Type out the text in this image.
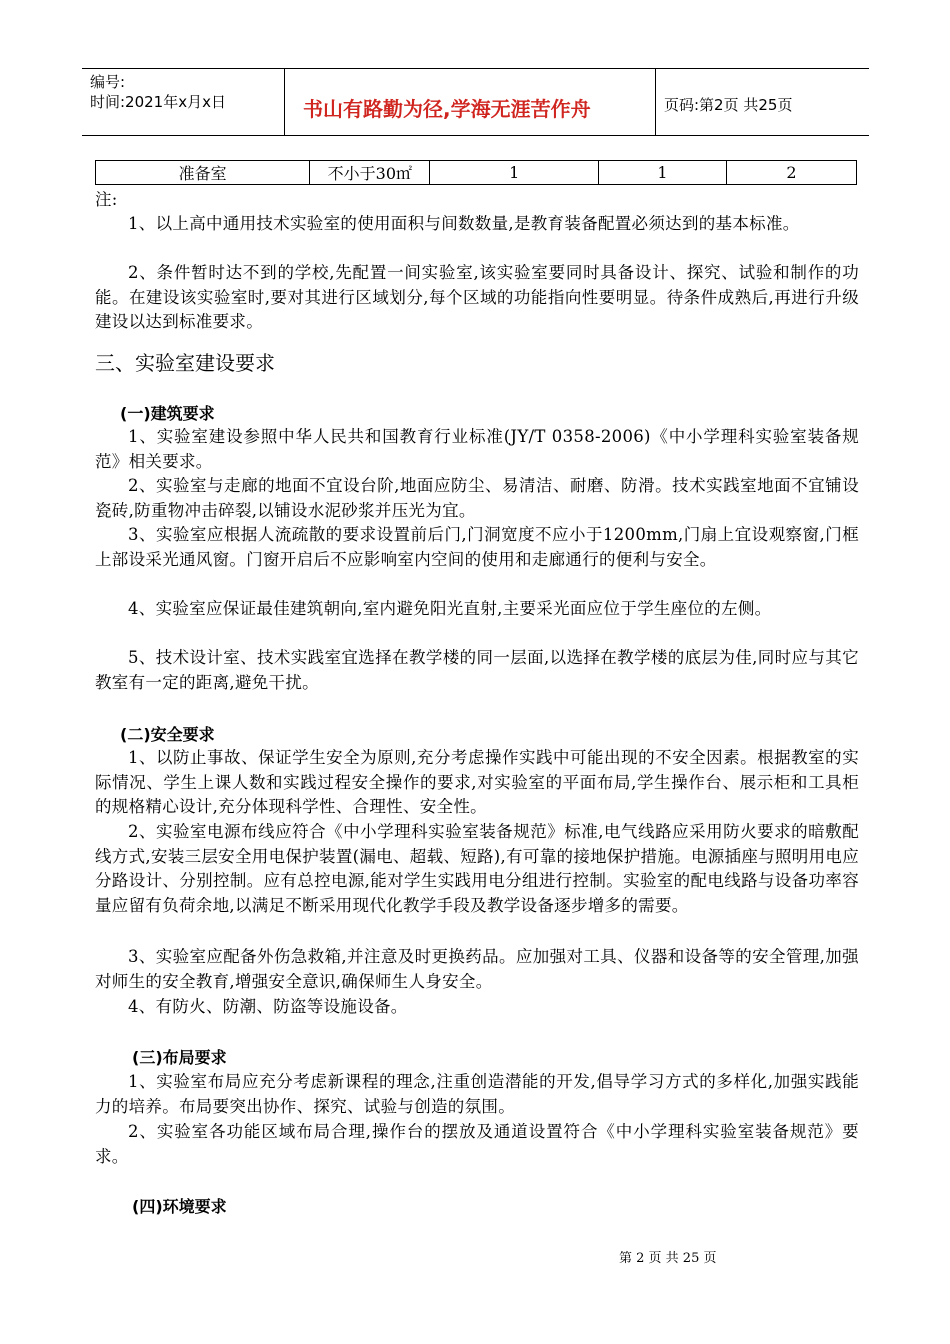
编号:
时间:2021年x月x日	书山有路勤为径,学海无涯苦作舟	页码:第2页 共25页
准备室	不小于30㎡	1	1	2
注:
1、以上高中通用技术实验室的使用面积与间数数量,是教育装备配置必须达到的基本标准。
2、条件暂时达不到的学校,先配置一间实验室,该实验室要同时具备设计、探究、试验和制作的功能。在建设该实验室时,要对其进行区域划分,每个区域的功能指向性要明显。待条件成熟后,再进行升级建设以达到标准要求。
三、实验室建设要求
(一)建筑要求
1、实验室建设参照中华人民共和国教育行业标准(JY/T 0358-2006)《中小学理科实验室装备规范》相关要求。
2、实验室与走廊的地面不宜设台阶,地面应防尘、易清洁、耐磨、防滑。技术实践室地面不宜铺设瓷砖,防重物冲击碎裂,以铺设水泥砂浆并压光为宜。
3、实验室应根据人流疏散的要求设置前后门,门洞宽度不应小于1200mm,门扇上宜设观察窗,门框上部设采光通风窗。门窗开启后不应影响室内空间的使用和走廊通行的便利与安全。
4、实验室应保证最佳建筑朝向,室内避免阳光直射,主要采光面应位于学生座位的左侧。
5、技术设计室、技术实践室宜选择在教学楼的同一层面,以选择在教学楼的底层为佳,同时应与其它教室有一定的距离,避免干扰。
(二)安全要求
1、以防止事故、保证学生安全为原则,充分考虑操作实践中可能出现的不安全因素。根据教室的实际情况、学生上课人数和实践过程安全操作的要求,对实验室的平面布局,学生操作台、展示柜和工具柜的规格精心设计,充分体现科学性、合理性、安全性。
2、实验室电源布线应符合《中小学理科实验室装备规范》标准,电气线路应采用防火要求的暗敷配线方式,安装三层安全用电保护装置(漏电、超载、短路),有可靠的接地保护措施。电源插座与照明用电应分路设计、分别控制。应有总控电源,能对学生实践用电分组进行控制。实验室的配电线路与设备功率容量应留有负荷余地,以满足不断采用现代化教学手段及教学设备逐步增多的需要。
3、实验室应配备外伤急救箱,并注意及时更换药品。应加强对工具、仪器和设备等的安全管理,加强对师生的安全教育,增强安全意识,确保师生人身安全。
4、有防火、防潮、防盗等设施设备。
(三)布局要求
1、实验室布局应充分考虑新课程的理念,注重创造潜能的开发,倡导学习方式的多样化,加强实践能力的培养。布局要突出协作、探究、试验与创造的氛围。
2、实验室各功能区域布局合理,操作台的摆放及通道设置符合《中小学理科实验室装备规范》要求。
(四)环境要求
第 2 页 共 25 页
